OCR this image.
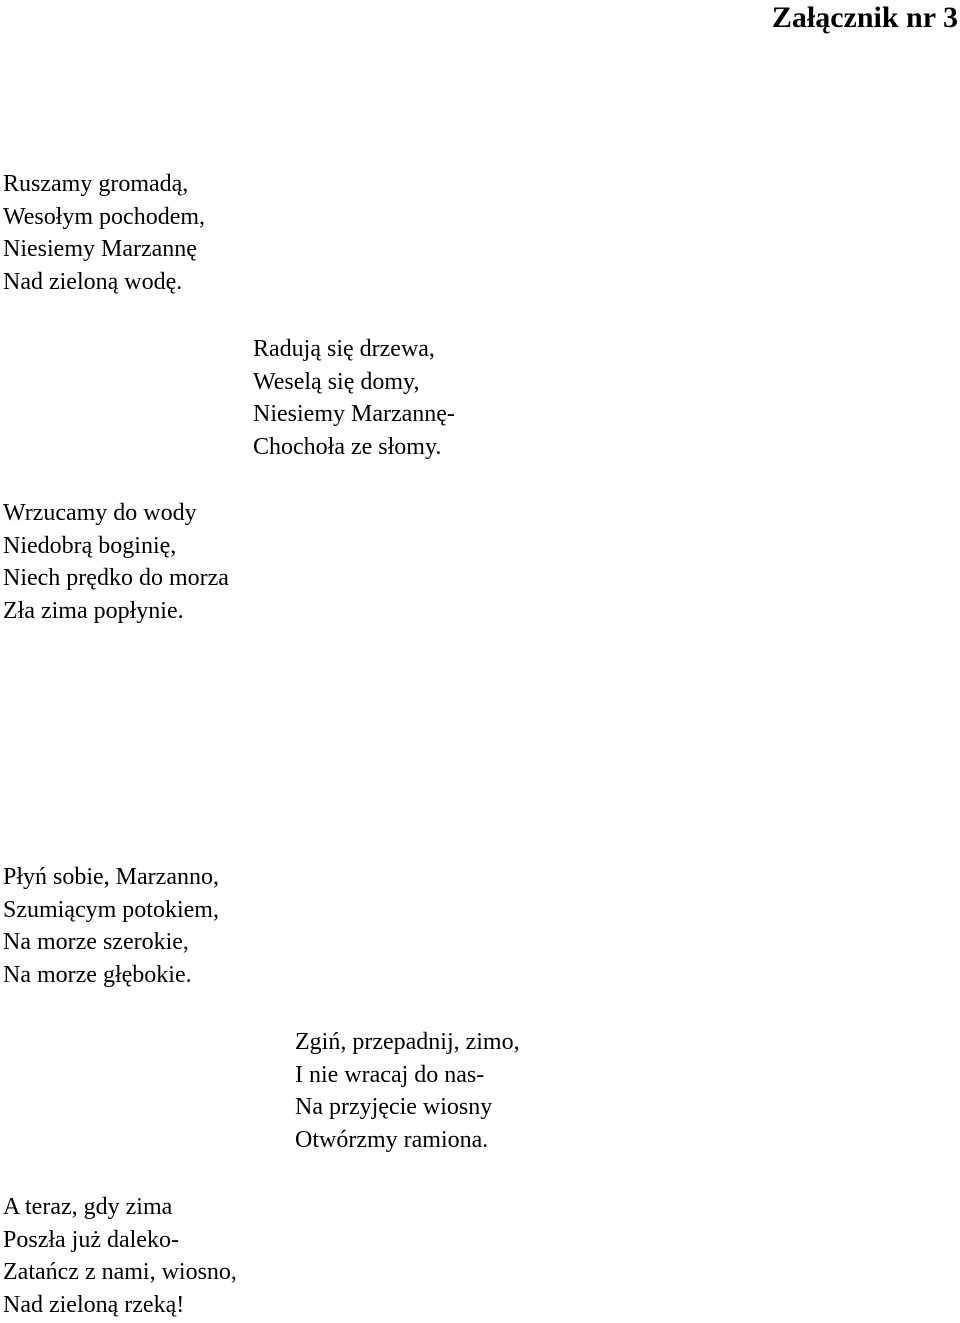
Załącznik nr 3
Ruszamy gromadą,
Wesołym pochodem,
Niesiemy Marzannę
Nad zieloną wodę.
Radują się drzewa,
Weselą się domy,
Niesiemy Marzannę-
Chochoła ze słomy.
Wrzucamy do wody
Niedobrą boginię,
Niech prędko do morza
Zła zima popłynie.
Płyń sobie, Marzanno,
Szumiącym potokiem,
Na morze szerokie,
Na morze głębokie.
Zgiń, przepadnij, zimo,
I nie wracaj do nas-
Na przyjęcie wiosny
Otwórzmy ramiona.
A teraz, gdy zima
Poszła już daleko-
Zatańcz z nami, wiosno,
Nad zieloną rzeką!
